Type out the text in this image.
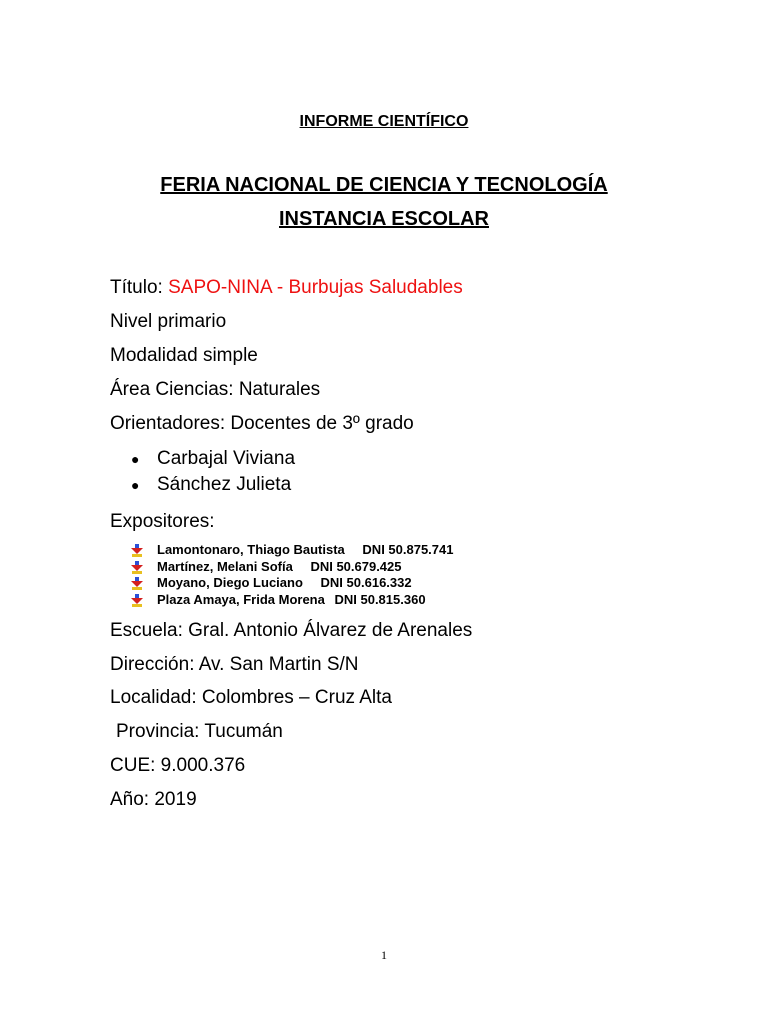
INFORME CIENTÍFICO
FERIA NACIONAL DE CIENCIA Y TECNOLOGÍA
INSTANCIA ESCOLAR
Título: SAPO-NINA - Burbujas Saludables
Nivel primario
Modalidad simple
Área Ciencias: Naturales
Orientadores: Docentes de 3º grado
● Carbajal Viviana
● Sánchez Julieta
Expositores:
Lamontonaro, Thiago Bautista DNI 50.875.741
Martínez, Melani Sofía DNI 50.679.425
Moyano, Diego Luciano DNI 50.616.332
Plaza Amaya, Frida Morena DNI 50.815.360
Escuela: Gral. Antonio Álvarez de Arenales
Dirección: Av. San Martin S/N
Localidad: Colombres – Cruz Alta
Provincia: Tucumán
CUE: 9.000.376
Año: 2019
1
